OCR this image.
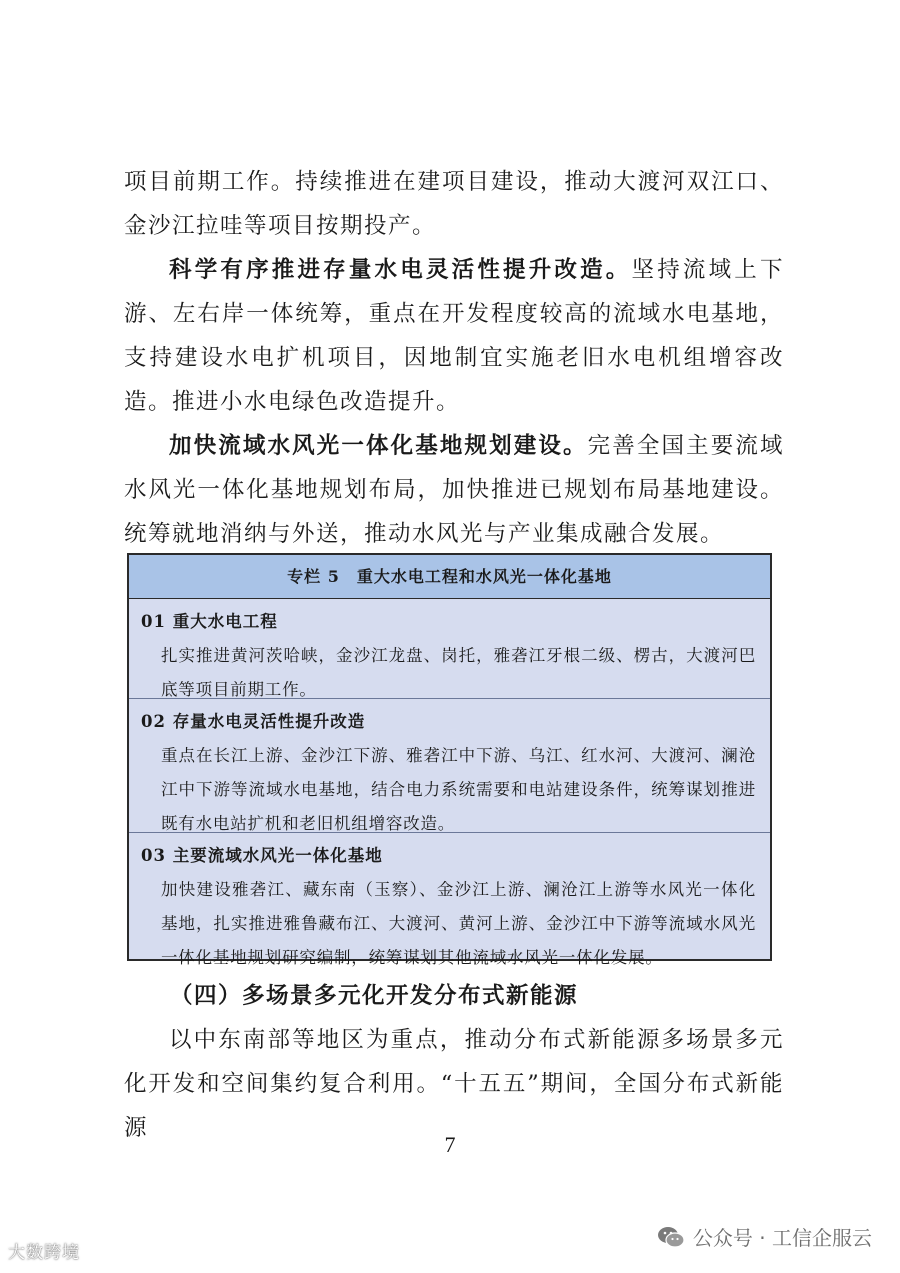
项目前期工作。持续推进在建项目建设，推动大渡河双江口、金沙江拉哇等项目按期投产。

科学有序推进存量水电灵活性提升改造。坚持流域上下游、左右岸一体统筹，重点在开发程度较高的流域水电基地，支持建设水电扩机项目，因地制宜实施老旧水电机组增容改造。推进小水电绿色改造提升。

加快流域水风光一体化基地规划建设。完善全国主要流域水风光一体化基地规划布局，加快推进已规划布局基地建设。统筹就地消纳与外送，推动水风光与产业集成融合发展。

专栏 5　重大水电工程和水风光一体化基地
01 重大水电工程
扎实推进黄河茨哈峡，金沙江龙盘、岗托，雅砻江牙根二级、楞古，大渡河巴底等项目前期工作。
02 存量水电灵活性提升改造
重点在长江上游、金沙江下游、雅砻江中下游、乌江、红水河、大渡河、澜沧江中下游等流域水电基地，结合电力系统需要和电站建设条件，统筹谋划推进既有水电站扩机和老旧机组增容改造。
03 主要流域水风光一体化基地
加快建设雅砻江、藏东南（玉察）、金沙江上游、澜沧江上游等水风光一体化基地，扎实推进雅鲁藏布江、大渡河、黄河上游、金沙江中下游等流域水风光一体化基地规划研究编制，统筹谋划其他流域水风光一体化发展。
（四）多场景多元化开发分布式新能源

以中东南部等地区为重点，推动分布式新能源多场景多元化开发和空间集约复合利用。“十五五”期间，全国分布式新能源

7
大数跨境
公众号 · 工信企服云
